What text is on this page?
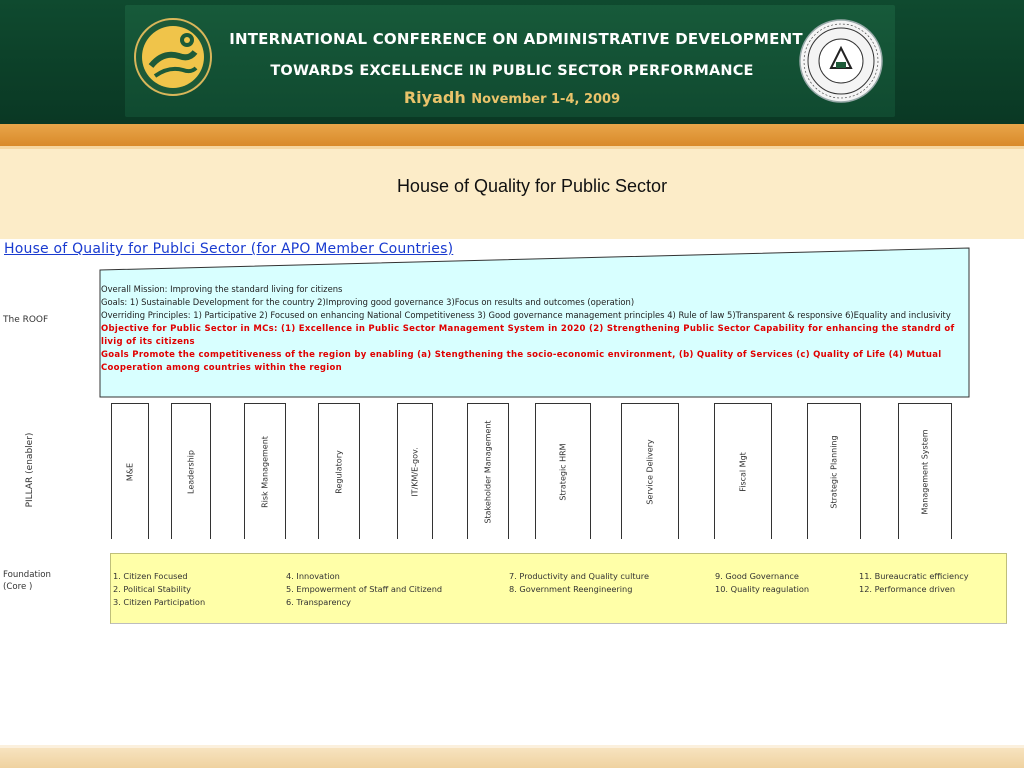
INTERNATIONAL CONFERENCE ON ADMINISTRATIVE DEVELOPMENT
TOWARDS EXCELLENCE IN PUBLIC SECTOR PERFORMANCE
Riyadh November 1-4, 2009
House of Quality for Public Sector
House of Quality for Publci Sector (for APO Member Countries)
The ROOF
Overall Mission: Improving the standard living for citizens
Goals: 1) Sustainable Development for the country 2)Improving good governance 3)Focus on results and outcomes (operation)
Overriding Principles: 1) Participative 2) Focused on enhancing National Competitiveness 3) Good governance management principles 4) Rule of law 5)Transparent & responsive 6)Equality and inclusivity
Objective for Public Sector in MCs: (1) Excellence in Public Sector Management System in 2020 (2) Strengthening Public Sector Capability for enhancing the standrd of livig of its citizens
Goals Promote the competitiveness of the region by enabling (a) Stengthening the socio-economic environment, (b) Quality of Services (c) Quality of Life (4) Mutual Cooperation among countries within the region
PILLAR (enabler)	M&E	Leadership	Risk Management	Regulatory	IT/KM/E-gov.	Stakeholder Management	Strategic HRM	Service Delivery	Fiscal Mgt	Strategic Planning	Management System
Foundation
(Core )
1. Citizen Focused
2. Political Stability
3. Citizen Participation
4. Innovation
5. Empowerment of Staff and Citizend
6. Transparency
7. Productivity and Quality culture
8. Government Reengineering
9. Good Governance
10. Quality reagulation
11. Bureaucratic efficiency
12. Performance driven
